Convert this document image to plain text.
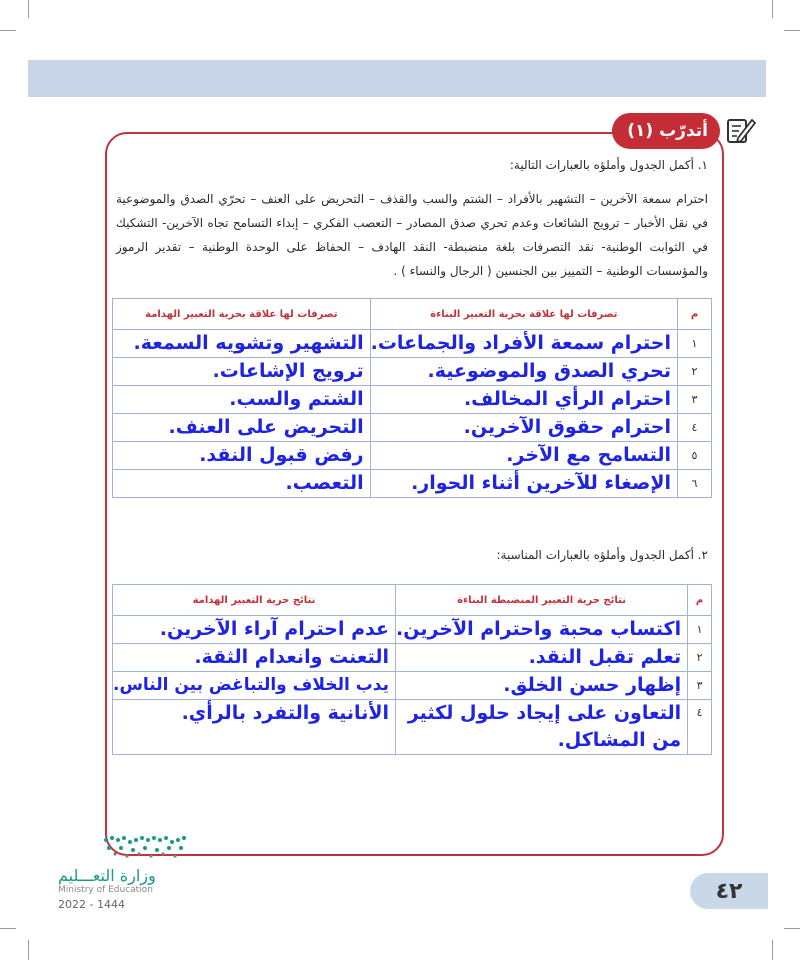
أتدرّب (١)
١. أكمل الجدول وأملؤه بالعبارات التالية:
احترام سمعة الآخرين – التشهير بالأفراد – الشتم والسب والقذف – التحريض على العنف – تحرّي الصدق والموضوعية في نقل الأخبار – ترويج الشائعات وعدم تحري صدق المصادر – التعصب الفكري – إبداء التسامح تجاه الآخرين- التشكيك في الثوابت الوطنية- نقد التصرفات بلغة منضبطة- النقد الهادف – الحفاظ على الوحدة الوطنية – تقدير الرموز والمؤسسات الوطنية – التمييز بين الجنسين ( الرجال والنساء ) .
م	تصرفات لها علاقة بحرية التعبير البناءة	تصرفات لها علاقة بحرية التعبير الهدامة
١	احترام سمعة الأفراد والجماعات.	التشهير وتشويه السمعة.
٢	تحري الصدق والموضوعية.	ترويج الإشاعات.
٣	احترام الرأي المخالف.	الشتم والسب.
٤	احترام حقوق الآخرين.	التحريض على العنف.
٥	التسامح مع الآخر.	رفض قبول النقد.
٦	الإصغاء للآخرين أثناء الحوار.	التعصب.
٢. أكمل الجدول وأملؤه بالعبارات المناسبة:
م	نتائج حرية التعبير المنضبطة البناءة	نتائج حرية التعبير الهدامة
١	اكتساب محبة واحترام الآخرين.	عدم احترام آراء الآخرين.
٢	تعلم تقبل النقد.	التعنت وانعدام الثقة.
٣	إظهار حسن الخلق.	يدب الخلاف والتباغض بين الناس.
٤	التعاون على إيجاد حلول لكثير من المشاكل.	الأنانية والتفرد بالرأي.
وزارة التعـــليم
Ministry of Education
2022 - 1444
٤٢
